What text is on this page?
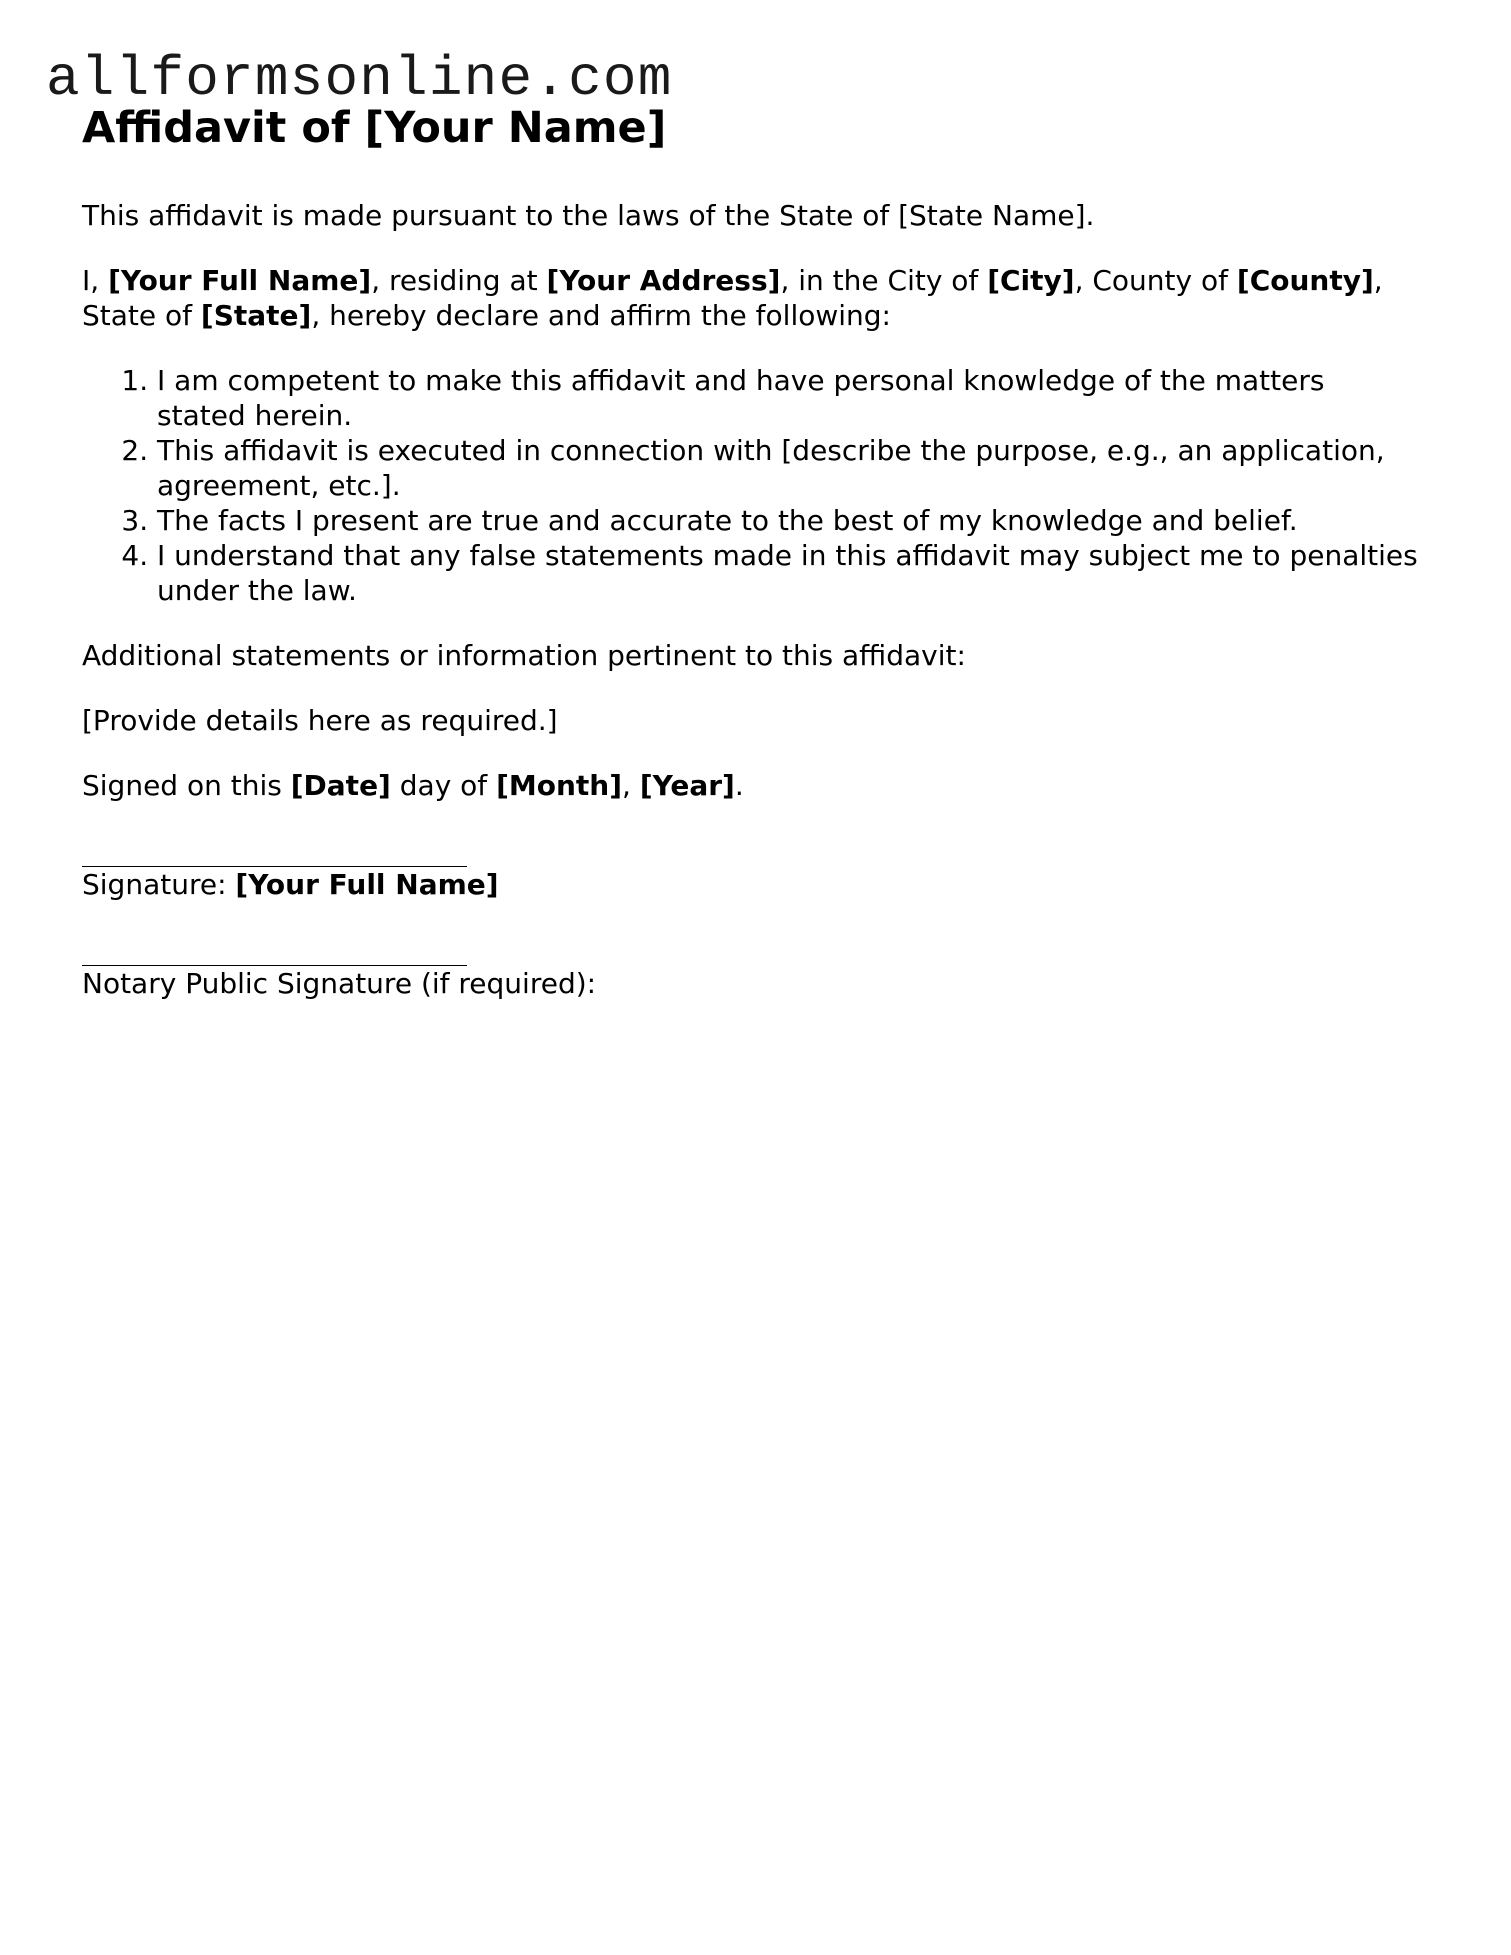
allformsonline.com
Affidavit of [Your Name]

This affidavit is made pursuant to the laws of the State of [State Name].

I, [Your Full Name], residing at [Your Address], in the City of [City], County of [County], State of [State], hereby declare and affirm the following:

1. I am competent to make this affidavit and have personal knowledge of the matters stated herein.
2. This affidavit is executed in connection with [describe the purpose, e.g., an application, agreement, etc.].
3. The facts I present are true and accurate to the best of my knowledge and belief.
4. I understand that any false statements made in this affidavit may subject me to penalties under the law.

Additional statements or information pertinent to this affidavit:

[Provide details here as required.]

Signed on this [Date] day of [Month], [Year].

Signature: [Your Full Name]
Notary Public Signature (if required):
